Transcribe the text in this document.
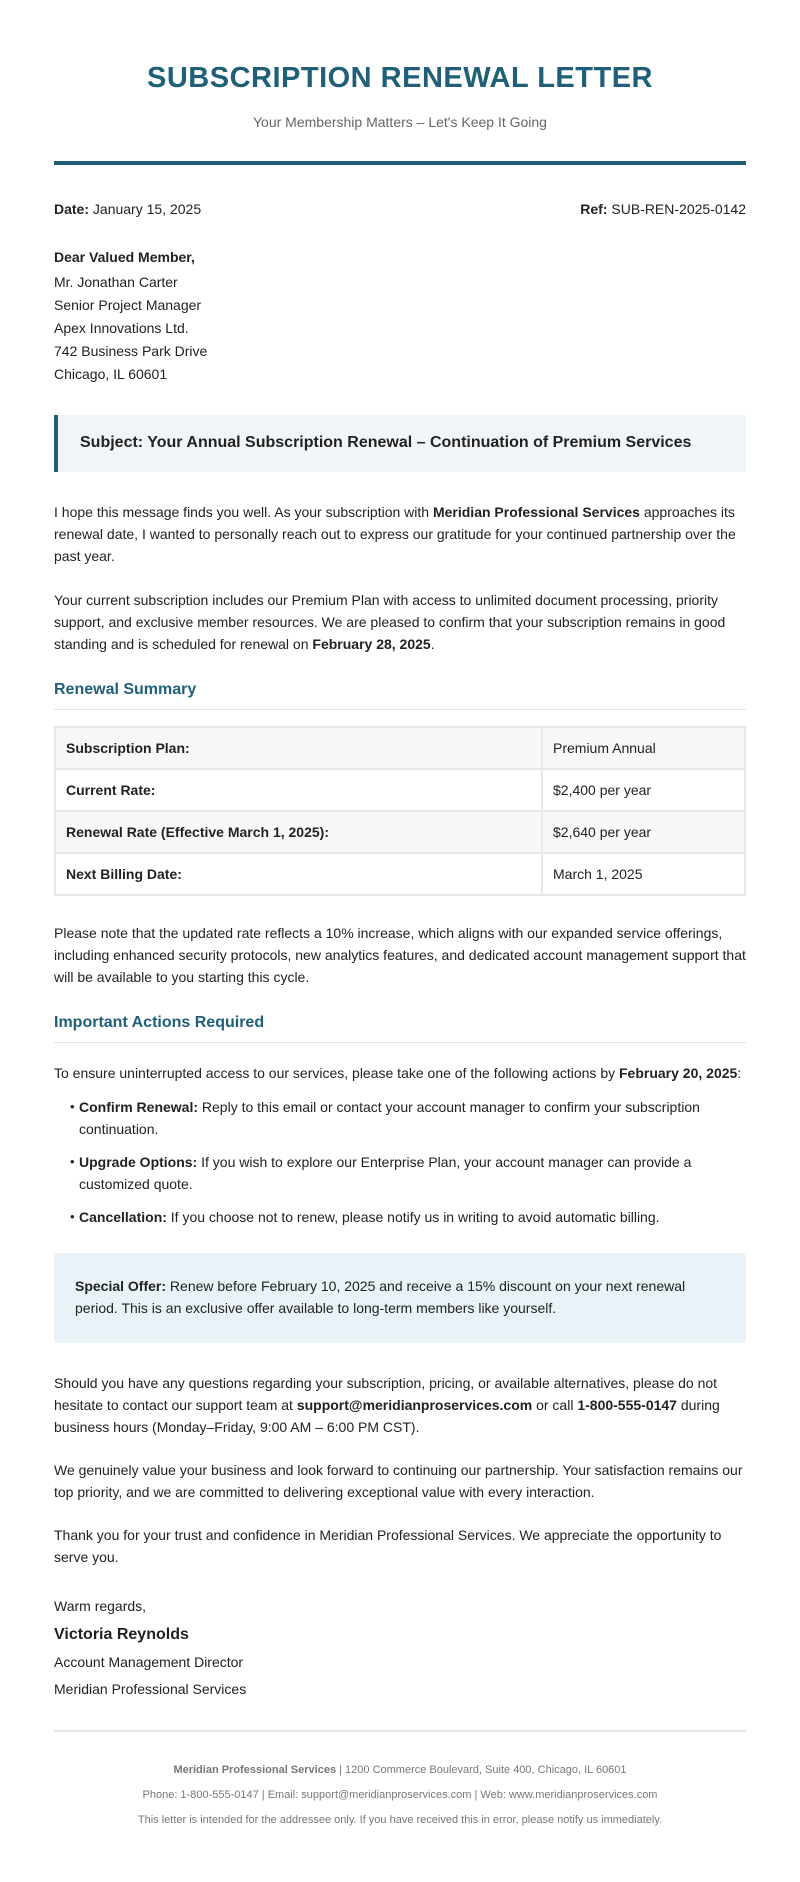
SUBSCRIPTION RENEWAL LETTER
Your Membership Matters – Let's Keep It Going
Date: January 15, 2025	Ref: SUB-REN-2025-0142
Dear Valued Member,
Mr. Jonathan Carter
Senior Project Manager
Apex Innovations Ltd.
742 Business Park Drive
Chicago, IL 60601
Subject: Your Annual Subscription Renewal – Continuation of Premium Services

I hope this message finds you well. As your subscription with Meridian Professional Services approaches its renewal date, I wanted to personally reach out to express our gratitude for your continued partnership over the past year.

Your current subscription includes our Premium Plan with access to unlimited document processing, priority support, and exclusive member resources. We are pleased to confirm that your subscription remains in good standing and is scheduled for renewal on February 28, 2025.

Renewal Summary
Subscription Plan:	Premium Annual
Current Rate:	$2,400 per year
Renewal Rate (Effective March 1, 2025):	$2,640 per year
Next Billing Date:	March 1, 2025

Please note that the updated rate reflects a 10% increase, which aligns with our expanded service offerings, including enhanced security protocols, new analytics features, and dedicated account management support that will be available to you starting this cycle.

Important Actions Required
To ensure uninterrupted access to our services, please take one of the following actions by February 20, 2025:
• Confirm Renewal: Reply to this email or contact your account manager to confirm your subscription continuation.
• Upgrade Options: If you wish to explore our Enterprise Plan, your account manager can provide a customized quote.
• Cancellation: If you choose not to renew, please notify us in writing to avoid automatic billing.
Special Offer: Renew before February 10, 2025 and receive a 15% discount on your next renewal period. This is an exclusive offer available to long-term members like yourself.

Should you have any questions regarding your subscription, pricing, or available alternatives, please do not hesitate to contact our support team at support@meridianproservices.com or call 1-800-555-0147 during business hours (Monday–Friday, 9:00 AM – 6:00 PM CST).

We genuinely value your business and look forward to continuing our partnership. Your satisfaction remains our top priority, and we are committed to delivering exceptional value with every interaction.

Thank you for your trust and confidence in Meridian Professional Services. We appreciate the opportunity to serve you.

Warm regards,
Victoria Reynolds
Account Management Director
Meridian Professional Services
Meridian Professional Services | 1200 Commerce Boulevard, Suite 400, Chicago, IL 60601
Phone: 1-800-555-0147 | Email: support@meridianproservices.com | Web: www.meridianproservices.com
This letter is intended for the addressee only. If you have received this in error, please notify us immediately.
